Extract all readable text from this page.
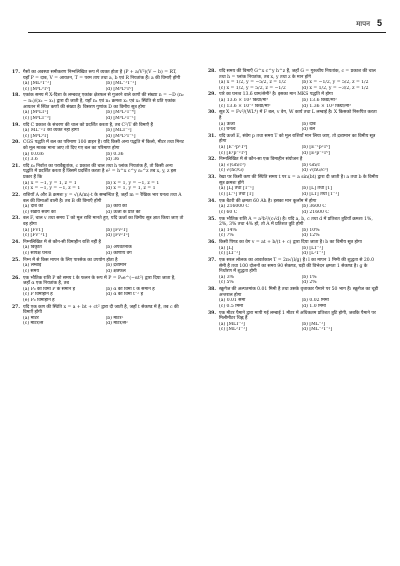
मापन 5
17. गैसों का अवस्था समीकरण निम्नलिखित रूप में व्यक्त होता है (P + a/V²)(V − b) = RT, यहाँ P = दाब, V = आयतन, T = परम ताप तथा a, b एवं R नियतांक हैं। a की विमाएँ होंगी
(a) [ML⁵T⁻²]	(b) [ML⁻¹T⁻²]
(c) [M⁰L³T⁰]	(d) [M⁰L⁶T⁰]
18. एकांक समय में X-दिशा के लम्बवत् एकांक क्षेत्रफल से गुजरने वाले कणों की संख्या n = −D (n₂ − n₁)/(x₂ − x₁) द्वारा दी जाती है, यहाँ n₁ एवं n₂ क्रमशः x₁ एवं x₂ स्थिति से प्रति एकांक आयतन में स्थित कणों की संख्या है। विसरण गुणांक D का विमीय सूत्र होगा
(a) [M⁰LT²]	(b) [M⁰L²T⁻⁴]
(c) [M⁰LT⁻³]	(d) [M⁰L²T⁻¹]
19. यदि C प्रकाश के संचरण की चाल को प्रदर्शित करता है, तब C²/T की विमाएँ हैं
(a) ML⁻²T को व्यक्त नहीं होंगी	(b) [MLT⁻²]
(c) [M⁰L⁰T]	(d) [M⁰L⁰T⁻¹]
20. CGS पद्धति में बल का परिमाण 100 डाइन है। यदि किसी अन्य पद्धति में किलो, मीटर तथा मिनट को मूल मात्रक माना जाए तो दिए गए बल का परिमाण होगा
(a) 0.036	(b) 0.36
(c) 3.6	(d) 36
21. यदि ε₀ निर्वात्त का परावैद्युतांक, c प्रकाश की चाल तथा h प्लांक नियतांक हैं, तो किसी अन्य पद्धति में प्रदर्शित करता है जिसमें प्रदर्शित करता है e² = h^x c^y ε₀^z तब x, y, z इस प्रकार हैं कि
(a) x = −1, y = 1, z = 1	(b) x = 1, y = −1, z = 1
(c) x = −1, y = −1, z = 1	(d) x = 1, y = 1, z = 1
22. राशियाँ A और B क्रमशः y = √(A/m)·t के सम्बन्धित हैं, जहाँ m = रैखिक भार घनत्व तथा A बल की विमाओं वाली है। तब B की विमाएँ होंगी
(a) दाब की	(b) कार्य की
(c) रेखीय संवेग की	(d) ऊर्जा के प्रति की
23. बल F, चाल v तथा समय T को मूल राशि मानते हुए, यदि ऊर्जा का विमीय सूत्र ज्ञात किया जाए तो वह होगा
(a) [FvT]	(b) [Fv²T]
(c) [Fv⁻¹T]	(d) [Fv²T²]
24. निम्नलिखित में से कौन-सी विमाहीन राशि नहीं है
(a) विकृति	(b) अपवर्तनांक
(c) सापेक्ष घनत्व	(d) कोणीय वेग
25. निम्न में से किस मापन के लिए पारसेक का उपयोग होता है
(a) लम्बाई	(b) द्रव्यमान
(c) समय	(d) क्षेत्रफल
26. एक भौतिक राशि P को समय t के फलन के रूप में P = P₀e^(−αt²) द्वारा दिया जाता है, जहाँ α एक नियतांक है, तब
(a) P₀ की विमा P के समान है	(b) α की विमा t के समान है
(c) P विमाहीन है	(d) α की विमा t⁻² है
(e) P₀ विमाहीन है
27. यदि एक कण की स्थिति x = a + bt + ct² द्वारा दी जाती है, जहाँ t सेकण्ड में है, तब c की विमाएँ होंगी
(a) मीटर	(b) मीटर²
(c) मीटर/से	(d) मीटर/से²
28. यदि समय की विमाएँ G^x c^y h^z हैं, जहाँ G = गुरुत्वीय नियतांक, c = प्रकाश की चाल तथा h = प्लांक नियतांक, तब x, y तथा z के मान होंगे
(a) x = 1/2, y = −5/2, z = 1/2	(b) x = −1/2, y = 5/2, z = 1/2
(c) x = 1/2, y = 5/2, z = −1/2	(d) x = 1/2, y = −3/2, z = 1/2
29. पारे का घनत्व 13.6 ग्राम/सेमी³ है। इसका मान MKS पद्धति में होगा
(a) 13.6 × 10³ किग्रा/मी³	(b) 13.6 किग्रा/मी³
(c) 13.6 × 10⁻³ किग्रा/मी³	(d) 1.36 × 10³ किग्रा/मी³
30. सूत्र X = Fv²/(WL⁴) में F बल, v वेग, W कार्य तथा L लम्बाई है। X किसको निरूपित करता है
(a) ऊर्जा	(b) दाब
(c) घनत्व	(d) बल
31. यदि ऊर्जा E, संवेग p तथा समय T को मूल राशियाँ मान लिया जाए, तो द्रव्यमान का विमीय सूत्र होगा
(a) [E⁻²p¹T⁰]	(b) [E⁻¹p²T⁰]
(c) [E¹p⁻²T⁰]	(d) [E²p⁻²T⁰]
32. निम्नलिखित में से कौन-सा एक विमाहीन संयोजन है
(a) √(Gh/c³)	(b) Gh/c
(c) √(hc/G)	(d) √(hG/c⁵)
33. रेखा पर किसी कण की स्थिति समय t पर x = a sin(bt) द्वारा दी जाती है। a तथा b के विमीय सूत्र क्रमशः होंगे
(a) [L] तथा [T⁻¹]	(b) [L] तथा [T]
(c) [L⁻¹] तथा [T]	(d) [LT] तथा [T⁻¹]
34. एक बैटरी की क्षमता 60 Ah है। इसका मान कूलॉम में होगा
(a) 216000 C	(b) 3600 C
(c) 60 C	(d) 21600 C
35. एक भौतिक राशि A = a³b²/(c√d) है। यदि a, b, c तथा d में प्रतिशत त्रुटियाँ क्रमशः 1%, 2%, 3% तथा 4% हों, तो A में प्रतिशत त्रुटि होगी
(a) 14%	(b) 10%
(c) 7%	(d) 12%
36. किसी पिण्ड का वेग v = at + b/(t + c) द्वारा दिया जाता है। b का विमीय सूत्र होगा
(a) [L]	(b) [LT⁻¹]
(c) [LT⁻²]	(d) [L²T⁻¹]
37. एक सरल लोलक का आवर्तकाल T = 2π√(l/g) है। l का मापन 1 मिमी की शुद्धता से 20.0 सेमी है तथा 100 दोलनों का समय 90 सेकण्ड, घड़ी की विभेदन क्षमता 1 सेकण्ड है। g के निर्धारण में शुद्धता होगी
(a) 3%	(b) 1%
(c) 5%	(d) 2%
38. स्क्रूगेज की अल्पतमांक 0.01 मिमी है तथा उसके वृत्ताकार पैमाने पर 50 भाग हैं। स्क्रूगेज का चूड़ी अन्तराल होगा
(a) 0.01 सेमी	(b) 0.02 मिमी
(c) 0.5 मिमी	(d) 1.0 मिमी
39. एक मीटर पैमाने द्वारा मापी गई लम्बाई 1 मीटर में अधिकतम प्रतिशत त्रुटि होगी, जबकि पैमाने पर मिलीमीटर चिह्न हैं
(a) [MLT⁻²]	(b) [ML⁻¹]
(c) [ML²T⁻¹]	(d) [ML⁻¹T⁻²]
